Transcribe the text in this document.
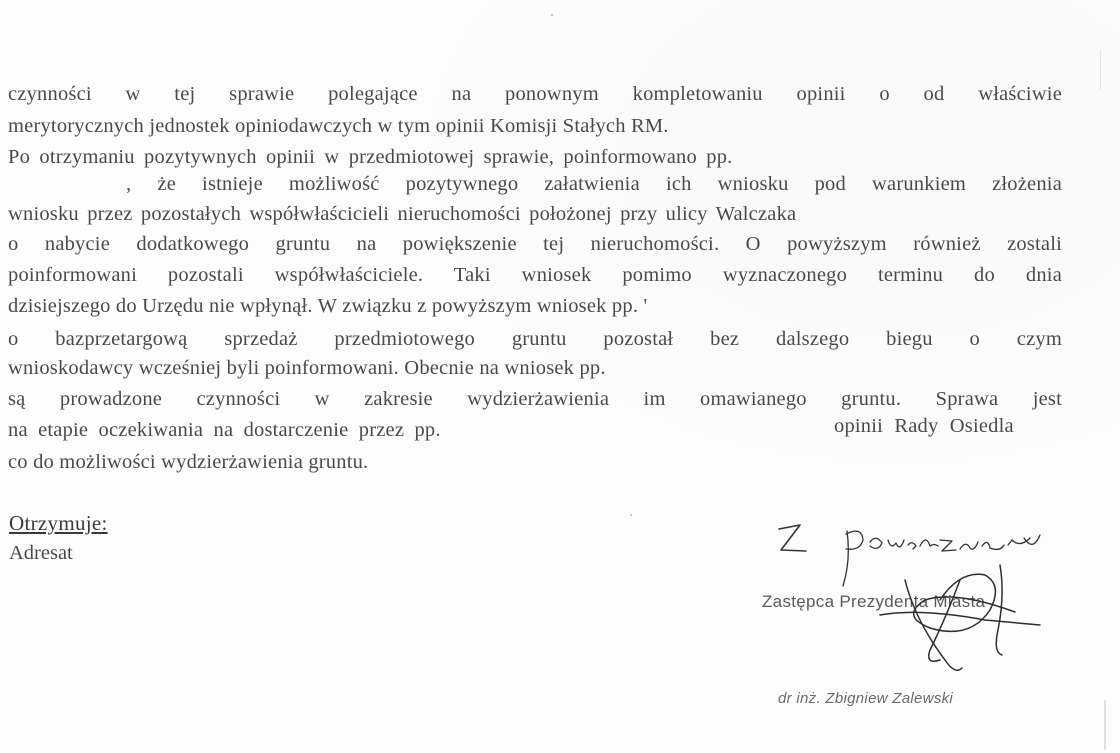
czynności w tej sprawie polegające na ponownym kompletowaniu opinii o od właściwie
merytorycznych jednostek opiniodawczych w tym opinii Komisji Stałych RM.
Po otrzymaniu pozytywnych opinii w przedmiotowej sprawie, poinformowano pp.
, że istnieje możliwość pozytywnego załatwienia ich wniosku pod warunkiem złożenia
wniosku przez pozostałych współwłaścicieli nieruchomości położonej przy ulicy Walczaka
o nabycie dodatkowego gruntu na powiększenie tej nieruchomości. O powyższym również zostali
poinformowani pozostali współwłaściciele. Taki wniosek pomimo wyznaczonego terminu do dnia
dzisiejszego do Urzędu nie wpłynął. W związku z powyższym wniosek pp. '
o bazprzetargową sprzedaż przedmiotowego gruntu pozostał bez dalszego biegu o czym
wnioskodawcy wcześniej byli poinformowani. Obecnie na wniosek pp.
są prowadzone czynności w zakresie wydzierżawienia im omawianego gruntu. Sprawa jest
na etapie oczekiwania na dostarczenie przez pp.	opinii Rady Osiedla
co do możliwości wydzierżawienia gruntu.
Otrzymuje:
Adresat
Zastępca Prezydenta Miasta
dr inż. Zbigniew Zalewski
